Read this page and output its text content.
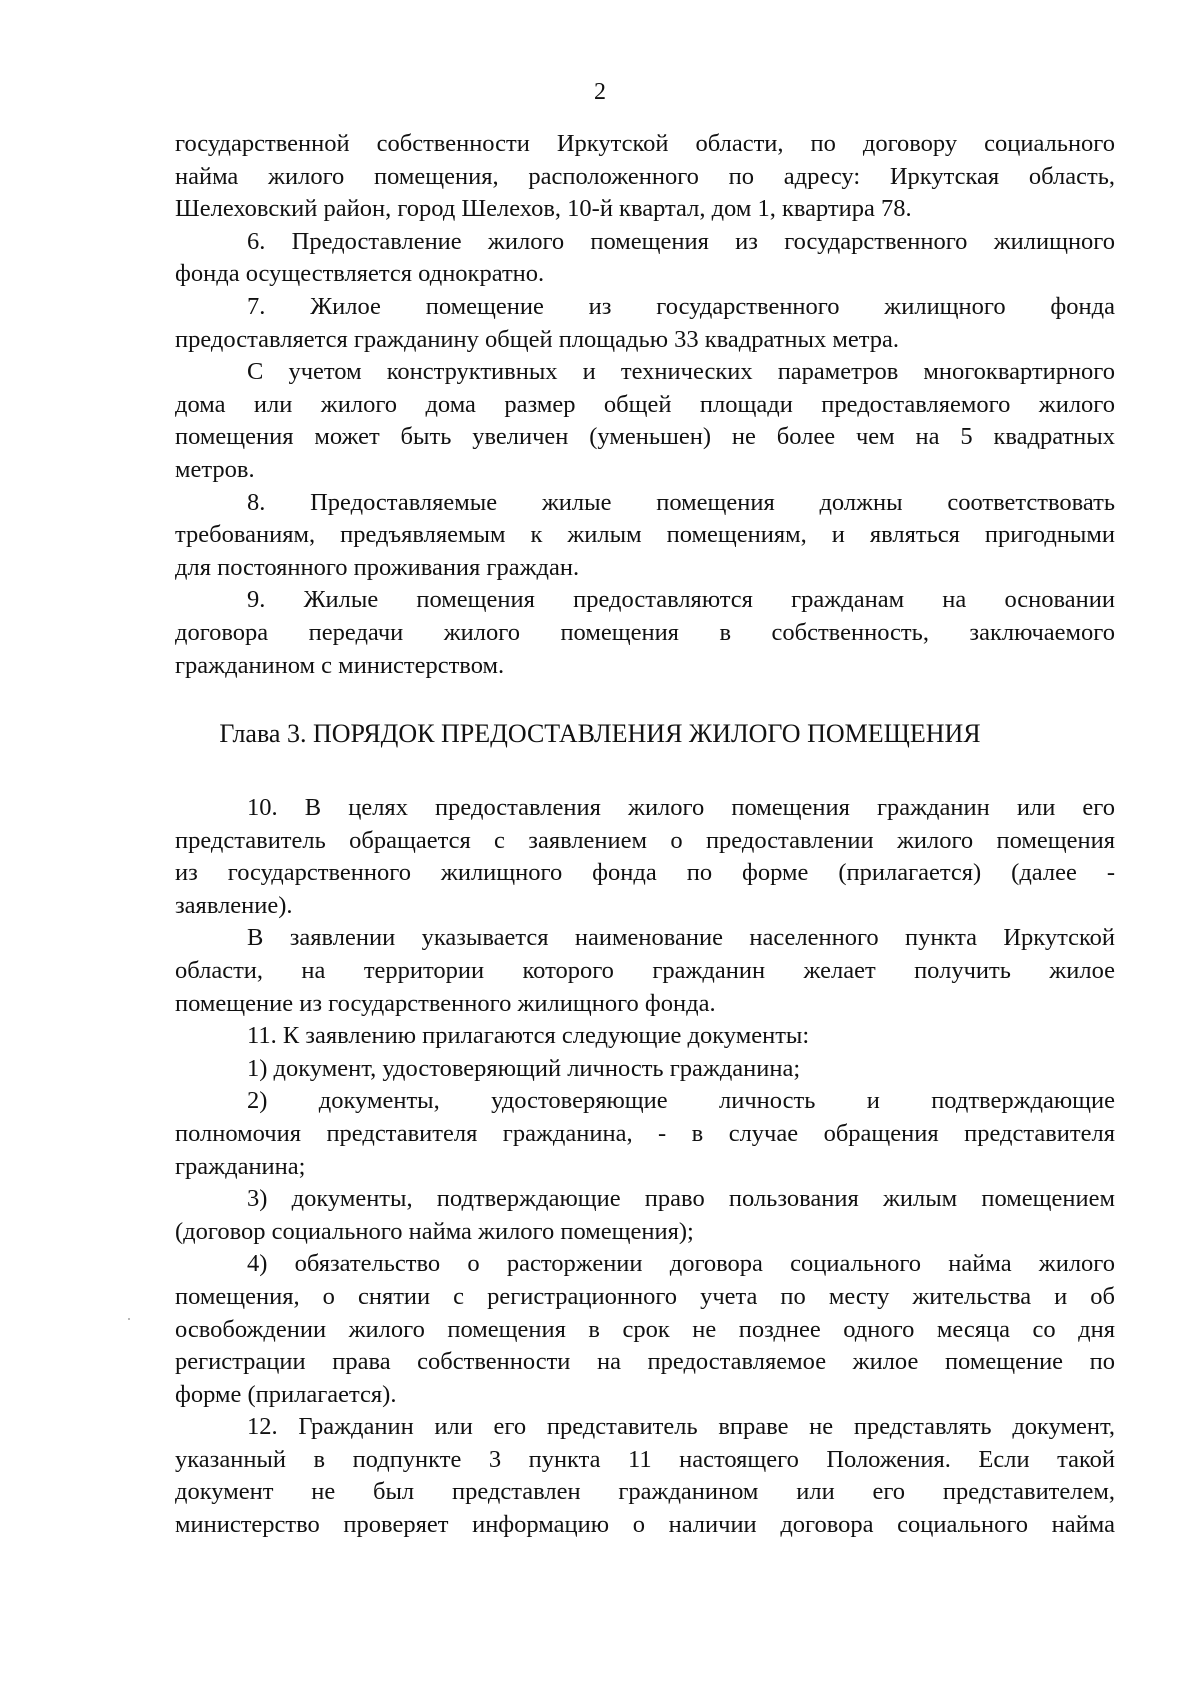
2
государственной собственности Иркутской области, по договору социального
найма жилого помещения, расположенного по адресу: Иркутская область,
Шелеховский район, город Шелехов, 10-й квартал, дом 1, квартира 78.
6. Предоставление жилого помещения из государственного жилищного
фонда осуществляется однократно.
7. Жилое помещение из государственного жилищного фонда
предоставляется гражданину общей площадью 33 квадратных метра.
С учетом конструктивных и технических параметров многоквартирного
дома или жилого дома размер общей площади предоставляемого жилого
помещения может быть увеличен (уменьшен) не более чем на 5 квадратных
метров.
8. Предоставляемые жилые помещения должны соответствовать
требованиям, предъявляемым к жилым помещениям, и являться пригодными
для постоянного проживания граждан.
9. Жилые помещения предоставляются гражданам на основании
договора передачи жилого помещения в собственность, заключаемого
гражданином с министерством.
Глава 3. ПОРЯДОК ПРЕДОСТАВЛЕНИЯ ЖИЛОГО ПОМЕЩЕНИЯ
10. В целях предоставления жилого помещения гражданин или его
представитель обращается с заявлением о предоставлении жилого помещения
из государственного жилищного фонда по форме (прилагается) (далее -
заявление).
В заявлении указывается наименование населенного пункта Иркутской
области, на территории которого гражданин желает получить жилое
помещение из государственного жилищного фонда.
11. К заявлению прилагаются следующие документы:
1) документ, удостоверяющий личность гражданина;
2) документы, удостоверяющие личность и подтверждающие
полномочия представителя гражданина, - в случае обращения представителя
гражданина;
3) документы, подтверждающие право пользования жилым помещением
(договор социального найма жилого помещения);
4) обязательство о расторжении договора социального найма жилого
помещения, о снятии с регистрационного учета по месту жительства и об
освобождении жилого помещения в срок не позднее одного месяца со дня
регистрации права собственности на предоставляемое жилое помещение по
форме (прилагается).
12. Гражданин или его представитель вправе не представлять документ,
указанный в подпункте 3 пункта 11 настоящего Положения. Если такой
документ не был представлен гражданином или его представителем,
министерство проверяет информацию о наличии договора социального найма
